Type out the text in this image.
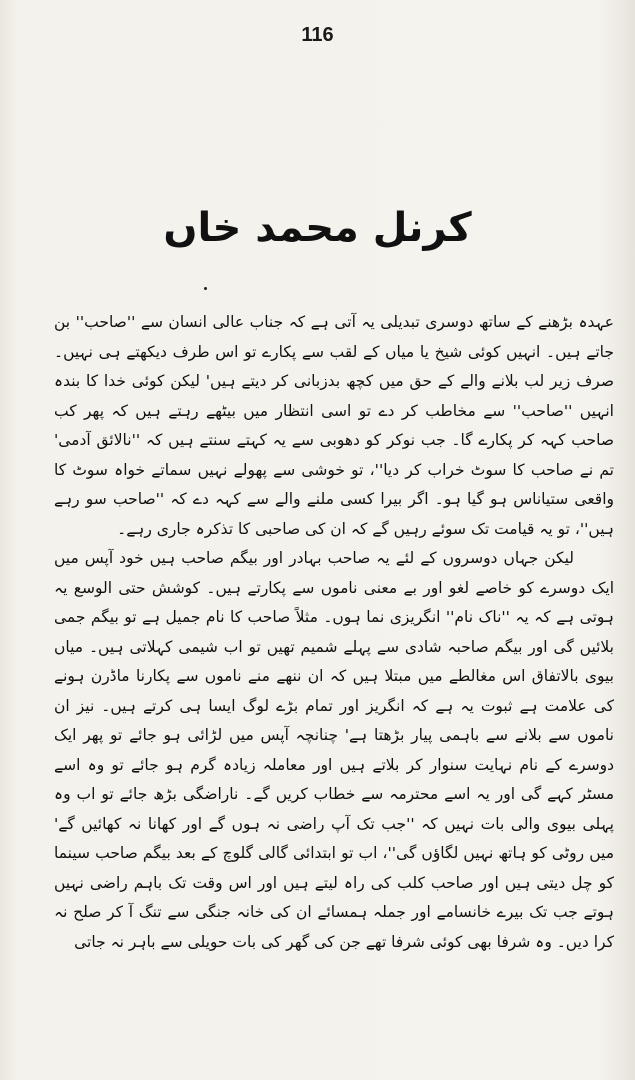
116
کرنل محمد خاں

عہدہ بڑھنے کے ساتھ دوسری تبدیلی یہ آتی ہے کہ جناب عالی انسان سے ''صاحب'' بن جاتے ہیں۔ انہیں کوئی شیخ یا میاں کے لقب سے پکارے تو اس طرف دیکھتے ہی نہیں۔ صرف زیر لب بلانے والے کے حق میں کچھ بدزبانی کر دیتے ہیں' لیکن کوئی خدا کا بندہ انہیں ''صاحب'' سے مخاطب کر دے تو اسی انتظار میں بیٹھے رہتے ہیں کہ پھر کب صاحب کہہ کر پکارے گا۔ جب نوکر کو دھوبی سے یہ کہتے سنتے ہیں کہ ''نالائق آدمی' تم نے صاحب کا سوٹ خراب کر دیا''، تو خوشی سے پھولے نہیں سماتے خواہ سوٹ کا واقعی ستیاناس ہو گیا ہو۔ اگر بیرا کسی ملنے والے سے کہہ دے کہ ''صاحب سو رہے ہیں''، تو یہ قیامت تک سوئے رہیں گے کہ ان کی صاحبی کا تذکرہ جاری رہے۔

لیکن جہاں دوسروں کے لئے یہ صاحب بہادر اور بیگم صاحب ہیں خود آپس میں ایک دوسرے کو خاصے لغو اور بے معنی ناموں سے پکارتے ہیں۔ کوشش حتی الوسع یہ ہوتی ہے کہ یہ ''ناک نام'' انگریزی نما ہوں۔ مثلاً صاحب کا نام جمیل ہے تو بیگم جمی بلائیں گی اور بیگم صاحبہ شادی سے پہلے شمیم تھیں تو اب شیمی کہلاتی ہیں۔ میاں بیوی بالاتفاق اس مغالطے میں مبتلا ہیں کہ ان ننھے منے ناموں سے پکارنا ماڈرن ہونے کی علامت ہے ثبوت یہ ہے کہ انگریز اور تمام بڑے لوگ ایسا ہی کرتے ہیں۔ نیز ان ناموں سے بلانے سے باہمی پیار بڑھتا ہے' چنانچہ آپس میں لڑائی ہو جائے تو پھر ایک دوسرے کے نام نہایت سنوار کر بلاتے ہیں اور معاملہ زیادہ گرم ہو جائے تو وہ اسے مسٹر کہے گی اور یہ اسے محترمہ سے خطاب کریں گے۔ ناراضگی بڑھ جائے تو اب وہ پہلی بیوی والی بات نہیں کہ ''جب تک آپ راضی نہ ہوں گے اور کھانا نہ کھائیں گے' میں روٹی کو ہاتھ نہیں لگاؤں گی''، اب تو ابتدائی گالی گلوچ کے بعد بیگم صاحب سینما کو چل دیتی ہیں اور صاحب کلب کی راہ لیتے ہیں اور اس وقت تک باہم راضی نہیں ہوتے جب تک بیرے خانسامے اور جملہ ہمسائے ان کی خانہ جنگی سے تنگ آ کر صلح نہ کرا دیں۔ وہ شرفا بھی کوئی شرفا تھے جن کی گھر کی بات حویلی سے باہر نہ جاتی
